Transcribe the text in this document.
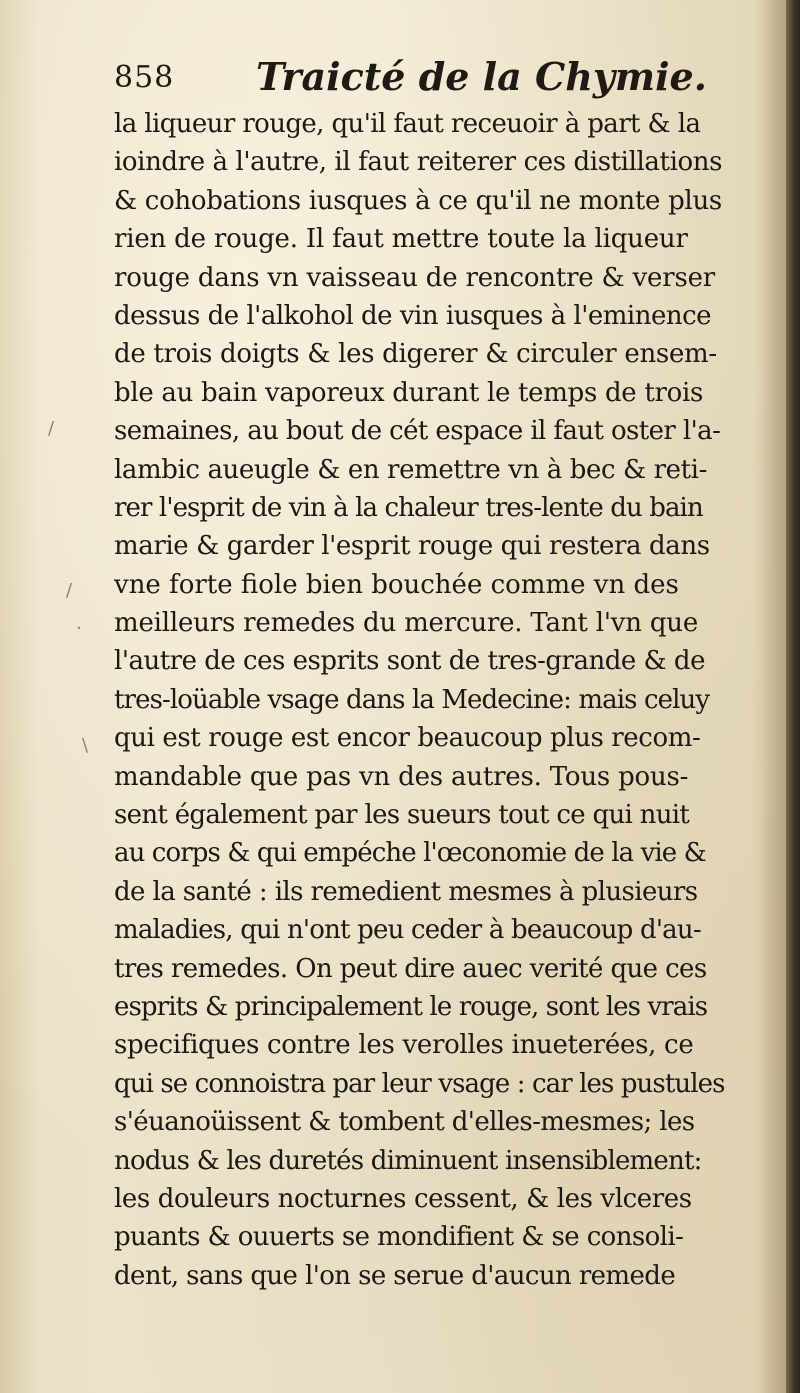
858 Traicté de la Chymie.
la liqueur rouge, qu'il faut receuoir à part & la
ioindre à l'autre, il faut reiterer ces distillations
& cohobations iusques à ce qu'il ne monte plus
rien de rouge. Il faut mettre toute la liqueur
rouge dans vn vaisseau de rencontre & verser
dessus de l'alkohol de vin iusques à l'eminence
de trois doigts & les digerer & circuler ensem-
ble au bain vaporeux durant le temps de trois
semaines, au bout de cét espace il faut oster l'a-
lambic aueugle & en remettre vn à bec & reti-
rer l'esprit de vin à la chaleur tres-lente du bain
marie & garder l'esprit rouge qui restera dans
vne forte fiole bien bouchée comme vn des
meilleurs remedes du mercure. Tant l'vn que
l'autre de ces esprits sont de tres-grande & de
tres-loüable vsage dans la Medecine: mais celuy
qui est rouge est encor beaucoup plus recom-
mandable que pas vn des autres. Tous pous-
sent également par les sueurs tout ce qui nuit
au corps & qui empéche l'œconomie de la vie &
de la santé : ils remedient mesmes à plusieurs
maladies, qui n'ont peu ceder à beaucoup d'au-
tres remedes. On peut dire auec verité que ces
esprits & principalement le rouge, sont les vrais
specifiques contre les verolles inueterées, ce
qui se connoistra par leur vsage : car les pustules
s'éuanoüissent & tombent d'elles-mesmes; les
nodus & les duretés diminuent insensiblement:
les douleurs nocturnes cessent, & les vlceres
puants & ouuerts se mondifient & se consoli-
dent, sans que l'on se serue d'aucun remede
/
/
·
\
